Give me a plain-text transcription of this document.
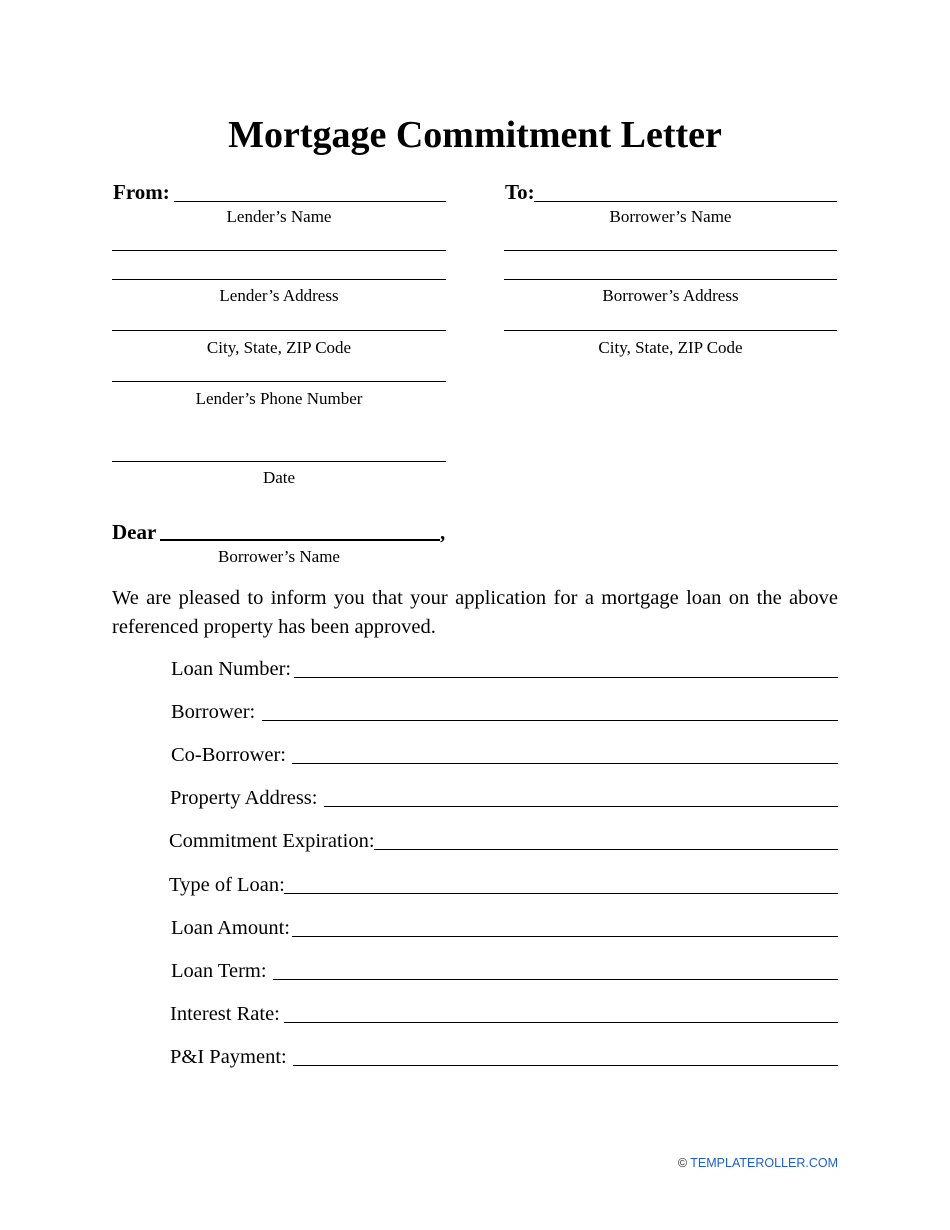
Mortgage Commitment Letter
From:
Lender’s Name
Lender’s Address
City, State, ZIP Code
Lender’s Phone Number
Date
To:
Borrower’s Name
Borrower’s Address
City, State, ZIP Code
Dear	,
Borrower’s Name
We are pleased to inform you that your application for a mortgage loan on the above referenced property has been approved.
Loan Number:
Borrower:
Co-Borrower:
Property Address:
Commitment Expiration:
Type of Loan:
Loan Amount:
Loan Term:
Interest Rate:
P&I Payment:
© TEMPLATEROLLER.COM
